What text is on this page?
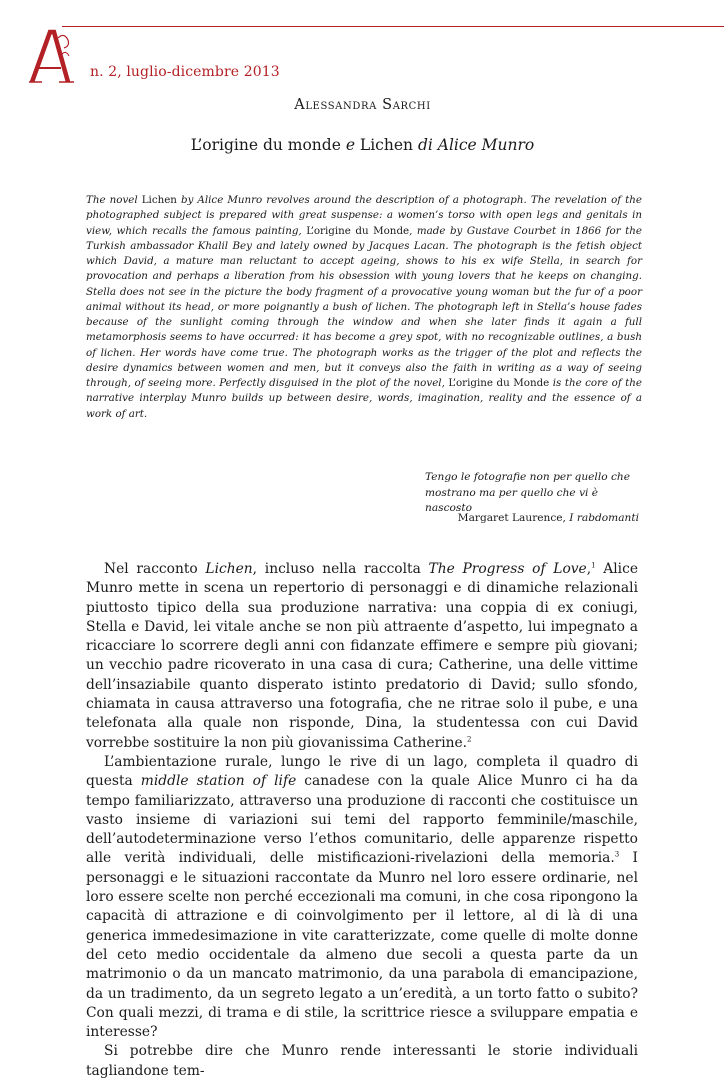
n. 2, luglio-dicembre 2013
Alessandra Sarchi
L’origine du monde e Lichen di Alice Munro

The novel Lichen by Alice Munro revolves around the description of a photograph. The revelation of the photographed subject is prepared with great suspense: a women’s torso with open legs and genitals in view, which recalls the famous painting, L’origine du Monde, made by Gustave Courbet in 1866 for the Turkish ambassador Khalil Bey and lately owned by Jacques Lacan. The photograph is the fetish object which David, a mature man reluctant to accept ageing, shows to his ex wife Stella, in search for provocation and perhaps a liberation from his obsession with young lovers that he keeps on changing. Stella does not see in the picture the body fragment of a provocative young woman but the fur of a poor animal without its head, or more poignantly a bush of lichen. The photograph left in Stella’s house fades because of the sunlight coming through the window and when she later finds it again a full metamorphosis seems to have occurred: it has become a grey spot, with no recognizable outlines, a bush of lichen. Her words have come true. The photograph works as the trigger of the plot and reflects the desire dynamics between women and men, but it conveys also the faith in writing as a way of seeing through, of seeing more. Perfectly disguised in the plot of the novel, L’origine du Monde is the core of the narrative interplay Munro builds up between desire, words, imagination, reality and the essence of a work of art.

Tengo le fotografie non per quello che
mostrano ma per quello che vi è nascosto
Margaret Laurence, I rabdomanti

Nel racconto Lichen, incluso nella raccolta The Progress of Love,$^1$ Alice Munro mette in scena un repertorio di personaggi e di dinamiche relazionali piuttosto tipico della sua produzione narrativa: una coppia di ex coniugi, Stella e David, lei vitale anche se non più attraente d’aspetto, lui impegnato a ricacciare lo scorrere degli anni con fidanzate effimere e sempre più giovani; un vecchio padre ricoverato in una casa di cura; Catherine, una delle vittime dell’insaziabile quanto disperato istinto predatorio di David; sullo sfondo, chiamata in causa attraverso una fotografia, che ne ritrae solo il pube, e una telefonata alla quale non risponde, Dina, la studentessa con cui David vorrebbe sostituire la non più giovanissima Catherine.$^2$

L’ambientazione rurale, lungo le rive di un lago, completa il quadro di questa middle station of life canadese con la quale Alice Munro ci ha da tempo familiarizzato, attraverso una produzione di racconti che costituisce un vasto insieme di variazioni sui temi del rapporto femminile/maschile, dell’autodeterminazione verso l’ethos comunitario, delle apparenze rispetto alle verità individuali, delle mistificazioni-rivelazioni della memoria.$^3$ I personaggi e le situazioni raccontate da Munro nel loro essere ordinarie, nel loro essere scelte non perché eccezionali ma comuni, in che cosa ripongono la capacità di attrazione e di coinvolgimento per il lettore, al di là di una generica immedesimazione in vite caratterizzate, come quelle di molte donne del ceto medio occidentale da almeno due secoli a questa parte da un matrimonio o da un mancato matrimonio, da una parabola di emancipazione, da un tradimento, da un segreto legato a un’eredità, a un torto fatto o subito? Con quali mezzi, di trama e di stile, la scrittrice riesce a sviluppare empatia e interesse?

Si potrebbe dire che Munro rende interessanti le storie individuali tagliandone tem-
